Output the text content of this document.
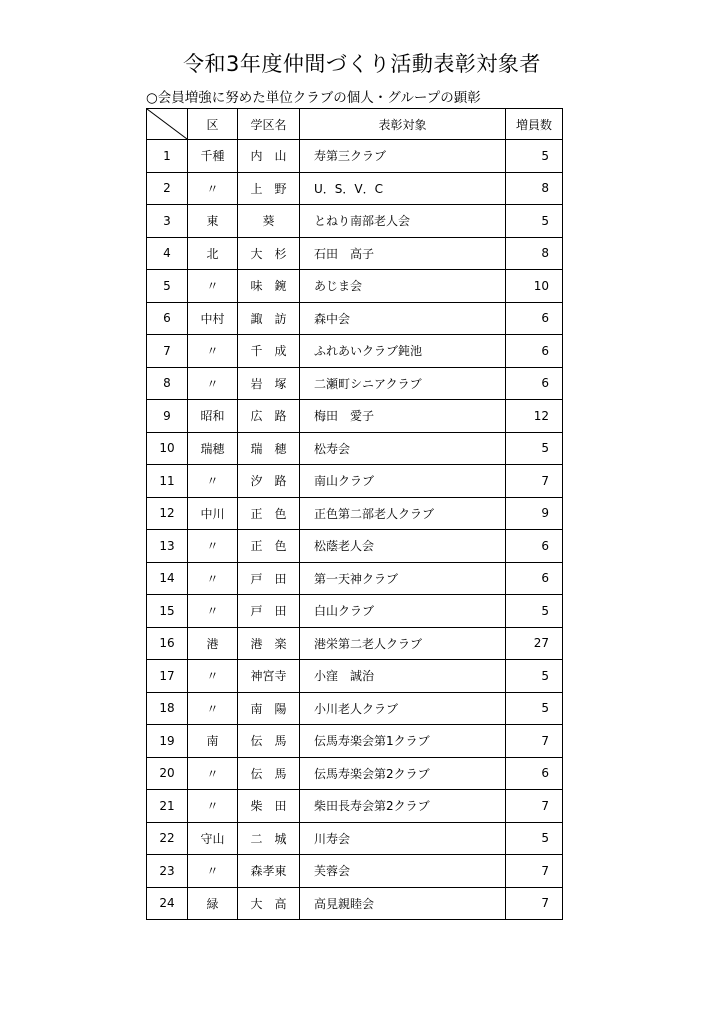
令和3年度仲間づくり活動表彰対象者
○会員増強に努めた単位クラブの個人・グループの顕彰
	区	学区名	表彰対象	増員数
1	千種	内　山	寿第三クラブ	5
2	〃	上　野	U．S．V．C	8
3	東	葵	とねり南部老人会	5
4	北	大　杉	石田　高子	8
5	〃	味　鋺	あじま会	10
6	中村	諏　訪	森中会	6
7	〃	千　成	ふれあいクラブ鈍池	6
8	〃	岩　塚	二瀬町シニアクラブ	6
9	昭和	広　路	梅田　愛子	12
10	瑞穂	瑞　穂	松寿会	5
11	〃	汐　路	南山クラブ	7
12	中川	正　色	正色第二部老人クラブ	9
13	〃	正　色	松蔭老人会	6
14	〃	戸　田	第一天神クラブ	6
15	〃	戸　田	白山クラブ	5
16	港	港　楽	港栄第二老人クラブ	27
17	〃	神宮寺	小窪　誠治	5
18	〃	南　陽	小川老人クラブ	5
19	南	伝　馬	伝馬寿楽会第1クラブ	7
20	〃	伝　馬	伝馬寿楽会第2クラブ	6
21	〃	柴　田	柴田長寿会第2クラブ	7
22	守山	二　城	川寿会	5
23	〃	森孝東	芙蓉会	7
24	緑	大　高	高見親睦会	7
